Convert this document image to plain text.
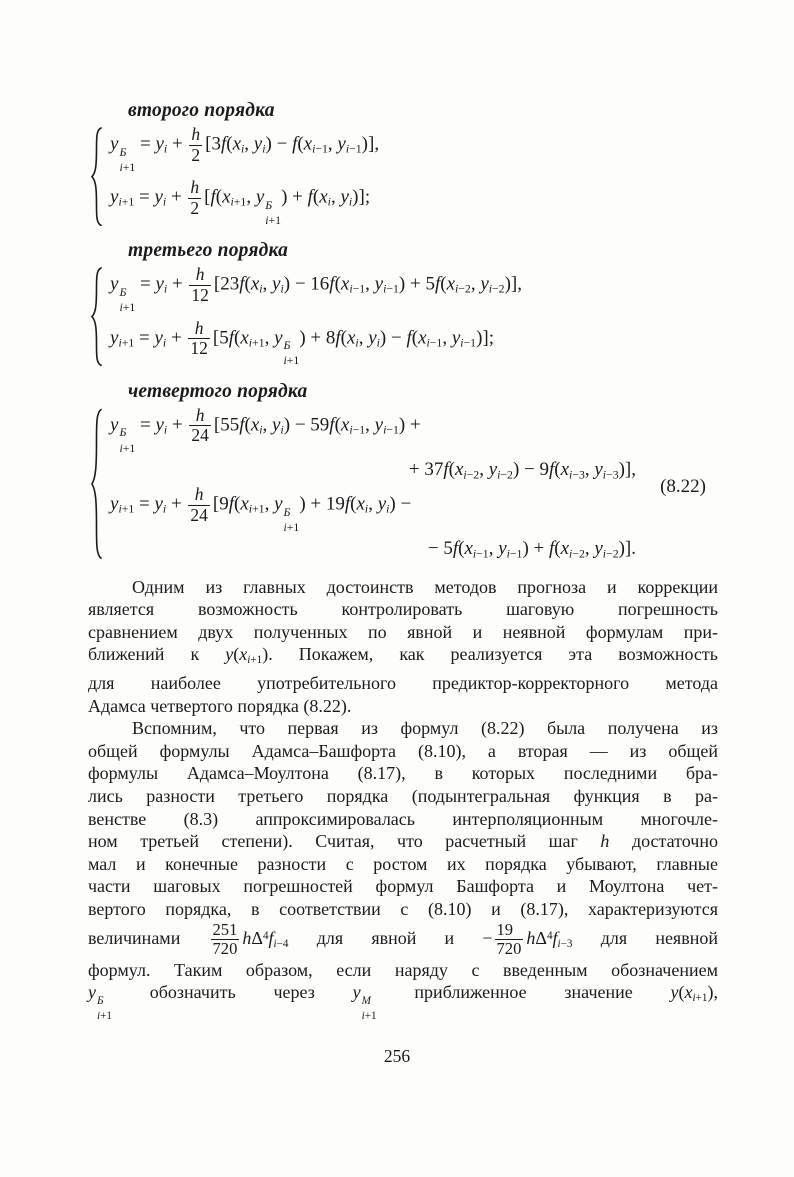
второго порядка
y Б
i+1
= yi + $\frac{h}{2} [3f(xi$, yi) − f(xi−1, yi−1)],
yi+1 = yi + $\frac{h}{2} [f(xi+1$, y Б
i+1
) + f(xi, yi)];
третьего порядка
y Б
i+1
= yi + $\frac{h}{12} [23f(xi$, yi) − 16f(xi−1, yi−1) + 5f(xi−2, yi−2)],
yi+1 = yi + $\frac{h}{12} [5f(xi+1$, y Б
i+1
) + 8f(xi, yi) − f(xi−1, yi−1)];
четвертого порядка
y Б
i+1
= yi + $\frac{h}{24} [55f(xi$, yi) − 59f(xi−1, yi−1) +
+ 37f(xi−2, yi−2) − 9f(xi−3, yi−3)],
yi+1 = yi + $\frac{h}{24} [9f(xi+1$, y Б
i+1
) + 19f(xi, yi) −
− 5f(xi−1, yi−1) + f(xi−2, yi−2)].
(8.22)
Одним из главных достоинств методов прогноза и коррекции
является возможность контролировать шаговую погрешность
сравнением двух полученных по явной и неявной формулам при-
ближений к y(xi+1). Покажем, как реализуется эта возможность
для наиболее употребительного предиктор-корректорного метода
Адамса четвертого порядка (8.22).
Вспомним, что первая из формул (8.22) была получена из
общей формулы Адамса–Башфорта (8.10), а вторая — из общей
формулы Адамса–Моултона (8.17), в которых последними бра-
лись разности третьего порядка (подынтегральная функция в ра-
венстве (8.3) аппроксимировалась интерполяционным многочле-
ном третьей степени). Считая, что расчетный шаг h достаточно
мал и конечные разности с ростом их порядка убывают, главные
части шаговых погрешностей формул Башфорта и Моултона чет-
вертого порядка, в соответствии с (8.10) и (8.17), характеризуются
величинами $\frac{251}{720} h\Delta^4fi-4$ для явной $и - \frac{19}{720} h\Delta^4fi-3$ для неявной
формул. Таким образом, если наряду с введенным обозначением
y Б
i+1
обозначить через y M
i+1
приближенное значение y(xi+1),
256
